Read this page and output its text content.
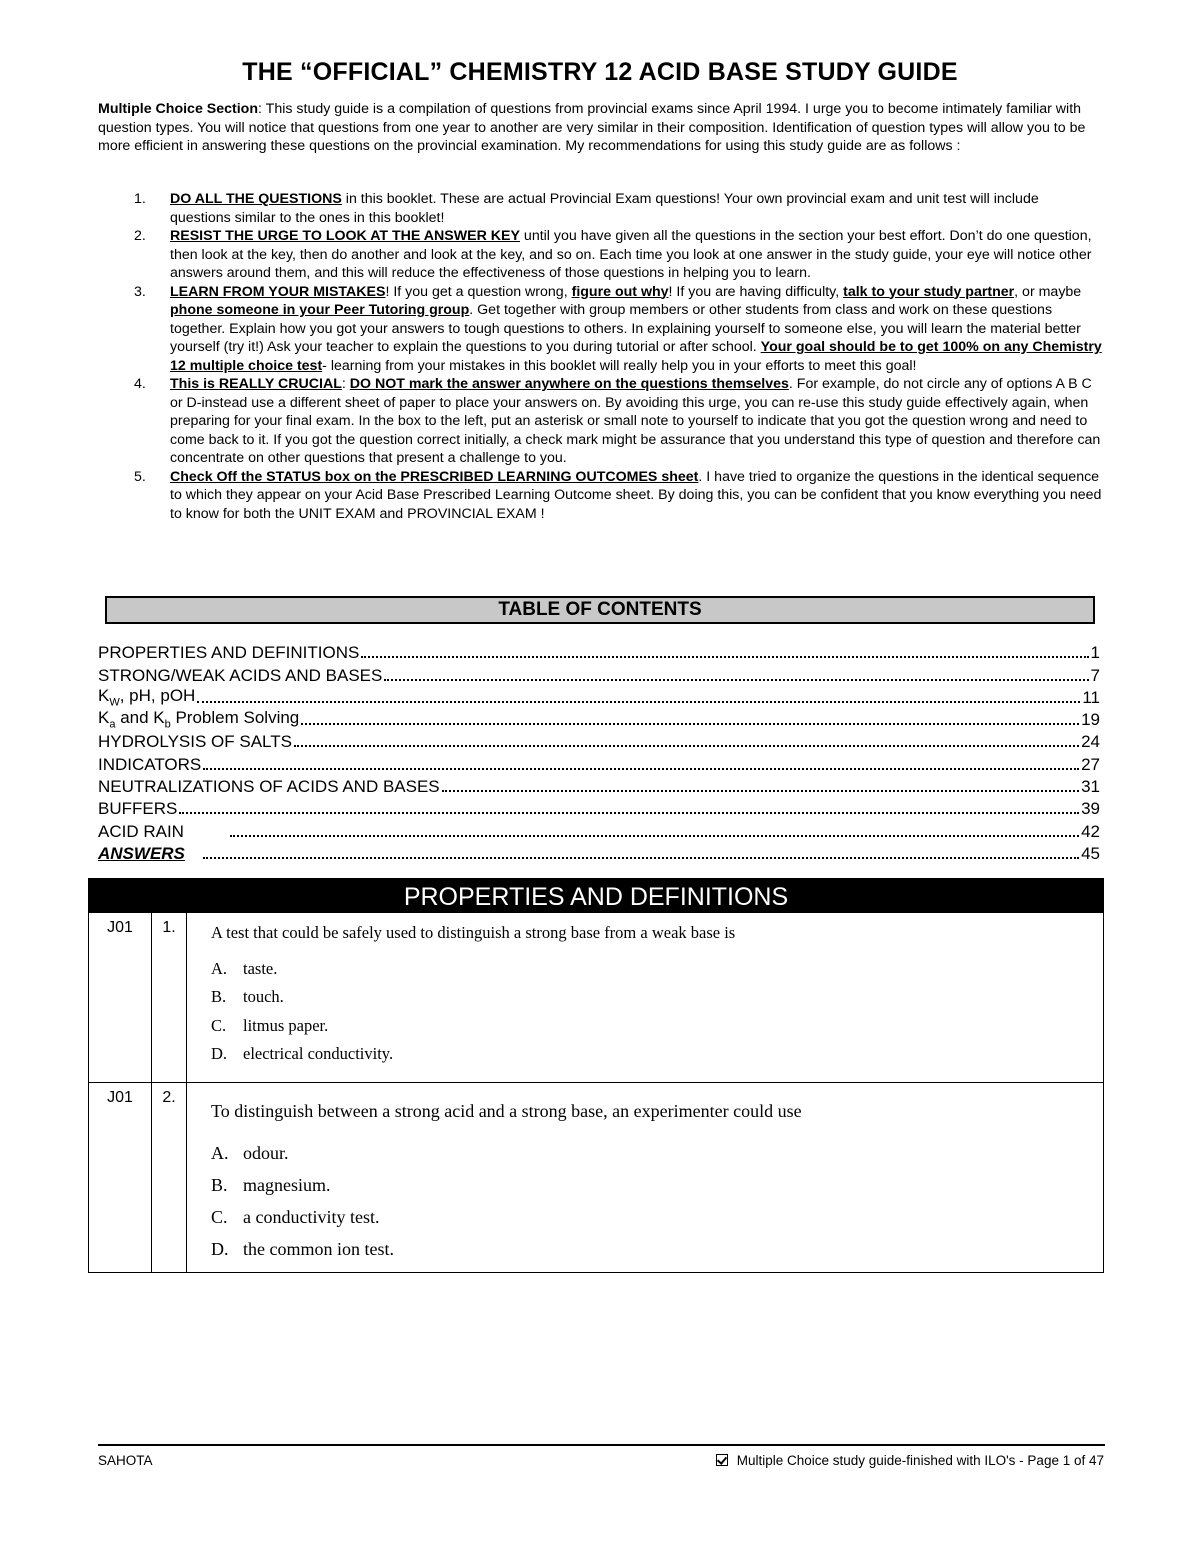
THE “OFFICIAL” CHEMISTRY 12 ACID BASE STUDY GUIDE
Multiple Choice Section: This study guide is a compilation of questions from provincial exams since April 1994. I urge you to become intimately familiar with question types. You will notice that questions from one year to another are very similar in their composition. Identification of question types will allow you to be more efficient in answering these questions on the provincial examination. My recommendations for using this study guide are as follows :
1. DO ALL THE QUESTIONS in this booklet. These are actual Provincial Exam questions! Your own provincial exam and unit test will include questions similar to the ones in this booklet!
2. RESIST THE URGE TO LOOK AT THE ANSWER KEY until you have given all the questions in the section your best effort. Don’t do one question, then look at the key, then do another and look at the key, and so on. Each time you look at one answer in the study guide, your eye will notice other answers around them, and this will reduce the effectiveness of those questions in helping you to learn.
3. LEARN FROM YOUR MISTAKES! If you get a question wrong, figure out why! If you are having difficulty, talk to your study partner, or maybe phone someone in your Peer Tutoring group. Get together with group members or other students from class and work on these questions together. Explain how you got your answers to tough questions to others. In explaining yourself to someone else, you will learn the material better yourself (try it!) Ask your teacher to explain the questions to you during tutorial or after school. Your goal should be to get 100% on any Chemistry 12 multiple choice test- learning from your mistakes in this booklet will really help you in your efforts to meet this goal!
4. This is REALLY CRUCIAL: DO NOT mark the answer anywhere on the questions themselves. For example, do not circle any of options A B C or D-instead use a different sheet of paper to place your answers on. By avoiding this urge, you can re-use this study guide effectively again, when preparing for your final exam. In the box to the left, put an asterisk or small note to yourself to indicate that you got the question wrong and need to come back to it. If you got the question correct initially, a check mark might be assurance that you understand this type of question and therefore can concentrate on other questions that present a challenge to you.
5. Check Off the STATUS box on the PRESCRIBED LEARNING OUTCOMES sheet. I have tried to organize the questions in the identical sequence to which they appear on your Acid Base Prescribed Learning Outcome sheet. By doing this, you can be confident that you know everything you need to know for both the UNIT EXAM and PROVINCIAL EXAM !
TABLE OF CONTENTS
PROPERTIES AND DEFINITIONS	1
STRONG/WEAK ACIDS AND BASES	7
$K_W$, pH, pOH	11
$K_a$ and $K_b$ Problem Solving	19
HYDROLYSIS OF SALTS	24
INDICATORS	27
NEUTRALIZATIONS OF ACIDS AND BASES	31
BUFFERS	39
ACID RAIN	42
ANSWERS	45
PROPERTIES AND DEFINITIONS
J01	1.	A test that could be safely used to distinguish a strong base from a weak base is
A. taste.
B. touch.
C. litmus paper.
D. electrical conductivity.
J01	2.
To distinguish between a strong acid and a strong base, an experimenter could use
A. odour.
B. magnesium.
C. a conductivity test.
D. the common ion test.
SAHOTA	Multiple Choice study guide-finished with ILO's - Page 1 of 47
